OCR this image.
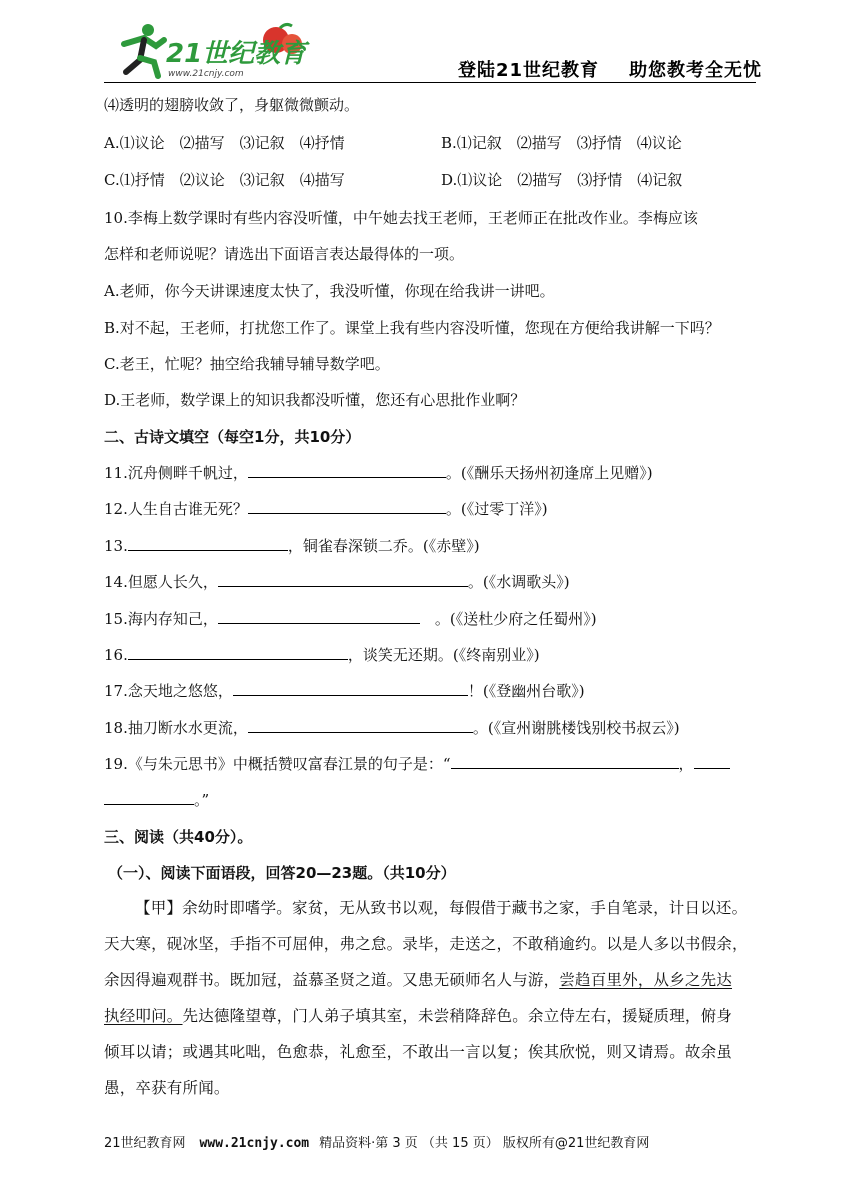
21世纪教育
www.21cnjy.com	登陆21世纪教育 助您教考全无忧
⑷透明的翅膀收敛了，身躯微微颤动。
A.⑴议论　⑵描写　⑶记叙　⑷抒情	B.⑴记叙　⑵描写　⑶抒情　⑷议论
C.⑴抒情　⑵议论　⑶记叙　⑷描写	D.⑴议论　⑵描写　⑶抒情　⑷记叙
10.李梅上数学课时有些内容没听懂，中午她去找王老师，王老师正在批改作业。李梅应该
怎样和老师说呢？请选出下面语言表达最得体的一项。
A.老师，你今天讲课速度太快了，我没听懂，你现在给我讲一讲吧。
B.对不起，王老师，打扰您工作了。课堂上我有些内容没听懂，您现在方便给我讲解一下吗？
C.老王，忙呢？抽空给我辅导辅导数学吧。
D.王老师，数学课上的知识我都没听懂，您还有心思批作业啊？
二、古诗文填空（每空1分，共10分）
11.沉舟侧畔千帆过，	。(《酬乐天扬州初逢席上见赠》)
12.人生自古谁无死？	。(《过零丁洋》)
13.	，铜雀春深锁二乔。(《赤壁》)
14.但愿人长久，	。(《水调歌头》)
15.海内存知己，	　。(《送杜少府之任蜀州》)
16.	，谈笑无还期。(《终南别业》)
17.念天地之悠悠，	！(《登幽州台歌》)
18.抽刀断水水更流，	。(《宣州谢朓楼饯别校书叔云》)
19.《与朱元思书》中概括赞叹富春江景的句子是：“	，
。”
三、阅读（共40分）。
（一）、阅读下面语段，回答20—23题。（共10分）
【甲】余幼时即嗜学。家贫，无从致书以观，每假借于藏书之家，手自笔录，计日以还。
天大寒，砚冰坚，手指不可屈伸，弗之怠。录毕，走送之，不敢稍逾约。以是人多以书假余，
余因得遍观群书。既加冠，益慕圣贤之道。又患无硕师名人与游，尝趋百里外，从乡之先达
执经叩问。先达德隆望尊，门人弟子填其室，未尝稍降辞色。余立侍左右，援疑质理，俯身
倾耳以请；或遇其叱咄，色愈恭，礼愈至，不敢出一言以复；俟其欣悦，则又请焉。故余虽
愚，卒获有所闻。
21世纪教育网 www.21cnjy.com 精品资料·第 3 页 （共 15 页） 版权所有@21世纪教育网
